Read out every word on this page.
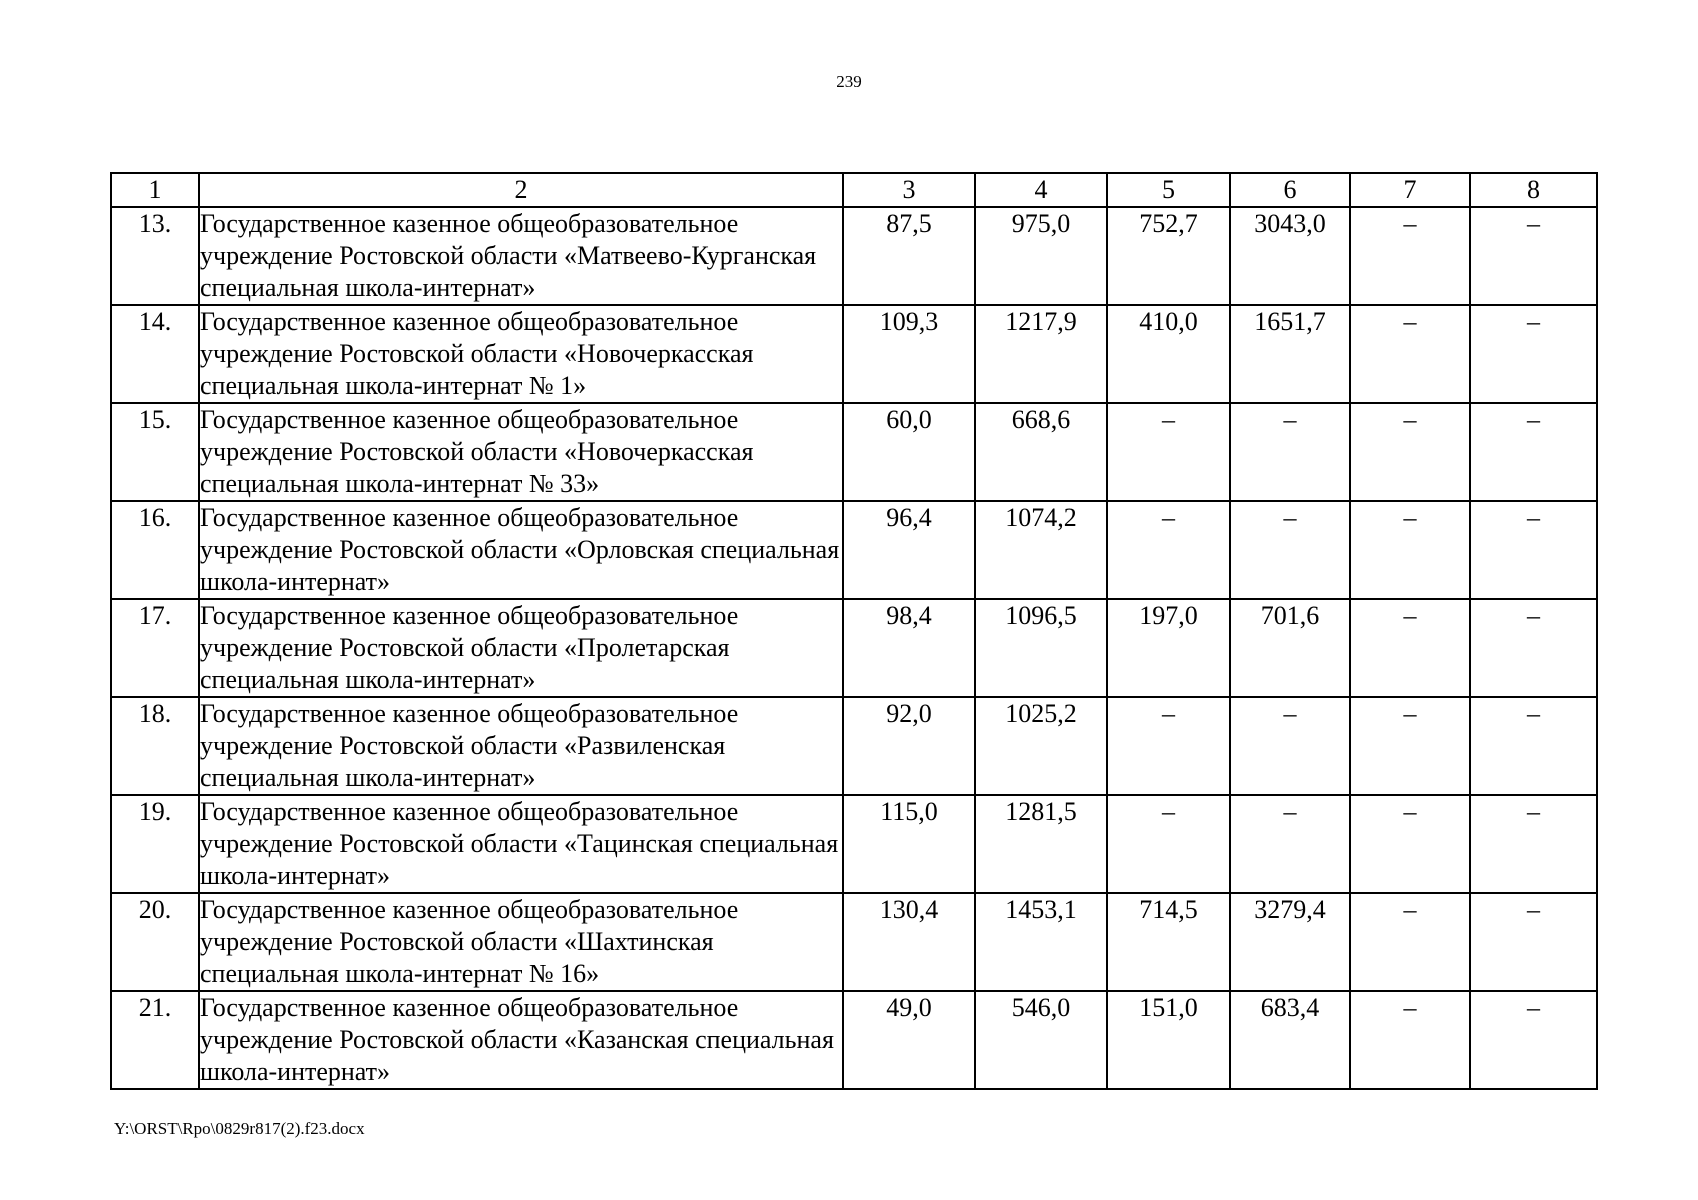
239
1	2	3	4	5	6	7	8
13.	Государственное казенное общеобразовательное учреждение Ростовской области «Матвеево-Курганская специальная школа-интернат»	87,5	975,0	752,7	3043,0	–	–
14.	Государственное казенное общеобразовательное учреждение Ростовской области «Новочеркасская специальная школа-интернат № 1»	109,3	1217,9	410,0	1651,7	–	–
15.	Государственное казенное общеобразовательное учреждение Ростовской области «Новочеркасская специальная школа-интернат № 33»	60,0	668,6	–	–	–	–
16.	Государственное казенное общеобразовательное учреждение Ростовской области «Орловская специальная школа-интернат»	96,4	1074,2	–	–	–	–
17.	Государственное казенное общеобразовательное учреждение Ростовской области «Пролетарская специальная школа-интернат»	98,4	1096,5	197,0	701,6	–	–
18.	Государственное казенное общеобразовательное учреждение Ростовской области «Развиленская специальная школа-интернат»	92,0	1025,2	–	–	–	–
19.	Государственное казенное общеобразовательное учреждение Ростовской области «Тацинская специальная школа-интернат»	115,0	1281,5	–	–	–	–
20.	Государственное казенное общеобразовательное учреждение Ростовской области «Шахтинская специальная школа-интернат № 16»	130,4	1453,1	714,5	3279,4	–	–
21.	Государственное казенное общеобразовательное учреждение Ростовской области «Казанская специальная школа-интернат»	49,0	546,0	151,0	683,4	–	–
Y:\ORST\Rpo\0829r817(2).f23.docx
